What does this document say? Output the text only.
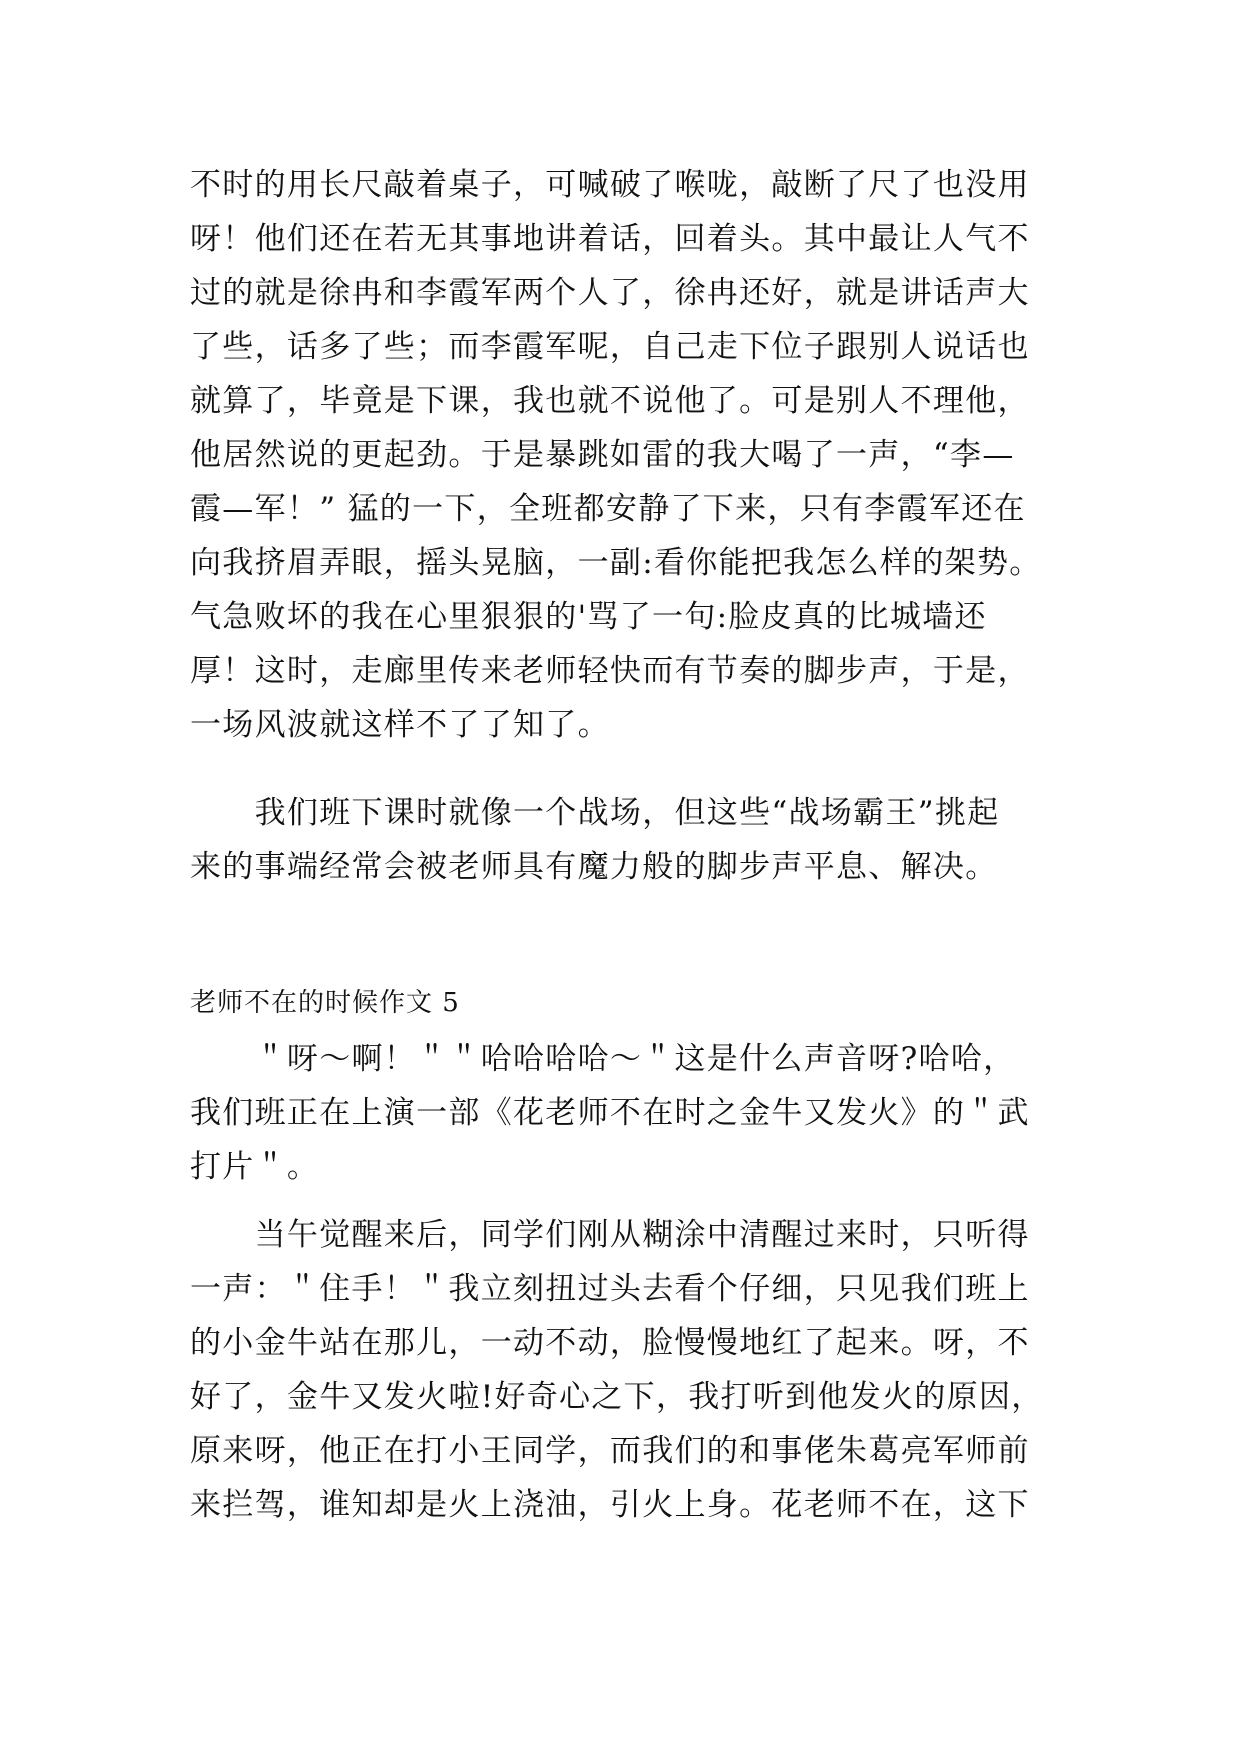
不时的用长尺敲着桌子，可喊破了喉咙，敲断了尺了也没用
呀！他们还在若无其事地讲着话，回着头。其中最让人气不
过的就是徐冉和李霞军两个人了，徐冉还好，就是讲话声大
了些，话多了些；而李霞军呢，自己走下位子跟别人说话也
就算了，毕竟是下课，我也就不说他了。可是别人不理他，
他居然说的更起劲。于是暴跳如雷的我大喝了一声，“李—
霞—军！” 猛的一下，全班都安静了下来，只有李霞军还在
向我挤眉弄眼，摇头晃脑，一副:看你能把我怎么样的架势。
气急败坏的我在心里狠狠的'骂了一句:脸皮真的比城墙还
厚！这时，走廊里传来老师轻快而有节奏的脚步声，于是，
一场风波就这样不了了知了。
　　我们班下课时就像一个战场，但这些“战场霸王”挑起
来的事端经常会被老师具有魔力般的脚步声平息、解决。
老师不在的时候作文 5
　　＂呀～啊！＂＂哈哈哈哈～＂这是什么声音呀?哈哈，
我们班正在上演一部《花老师不在时之金牛又发火》的＂武
打片＂。
　　当午觉醒来后，同学们刚从糊涂中清醒过来时，只听得
一声：＂住手！＂我立刻扭过头去看个仔细，只见我们班上
的小金牛站在那儿，一动不动，脸慢慢地红了起来。呀，不
好了，金牛又发火啦!好奇心之下，我打听到他发火的原因，
原来呀，他正在打小王同学，而我们的和事佬朱葛亮军师前
来拦驾，谁知却是火上浇油，引火上身。花老师不在，这下
